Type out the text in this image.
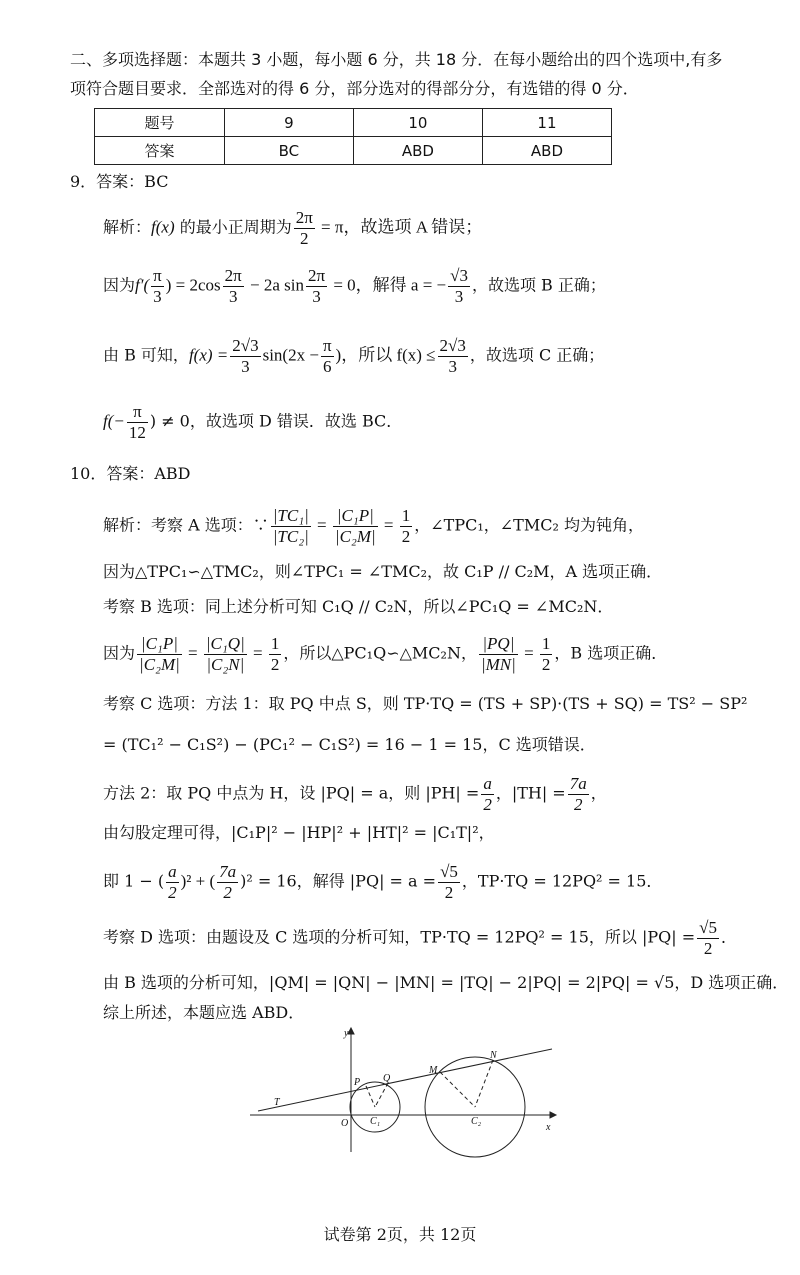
二、多项选择题：本题共 3 小题，每小题 6 分，共 18 分．在每小题给出的四个选项中,有多
项符合题目要求．全部选对的得 6 分，部分选对的得部分分，有选错的得 0 分．
题号	9	10	11
答案	BC	ABD	ABD
9．答案：BC
解析：f(x) 的最小正周期为 $\frac{2\pi}{2} = \pi$，故选项 A 错误；
因为$f'( \frac{\pi}{3}$ ) = $2\cos \frac{2\pi}{3} - 2a$ $\sin \frac{2\pi}{3} = 0$，解得 a = − $\frac{√3}{3}$ ，故选项 B 正确；
由 B 可知，$f(x) = \frac{2√3}{3} \sin(2x - \frac{\pi}{6}$ )，所以 $f(x) \le \frac{2√3}{3}$ ，故选项 C 正确；
$f(- \frac{\pi}{12}$ ) ≠ 0，故选项 D 错误．故选 BC．
10．答案：ABD
解析：考察 A 选项：∵ $\frac{\text{|TC₁|}}{\text{|TC₂|}} = \frac{\text{|C₁P|}}{\text{|C₂M|}} = \frac{1}{2}$ ，∠TPC₁，∠TMC₂ 均为钝角，
因为△TPC₁∽△TMC₂，则∠TPC₁ = ∠TMC₂，故 C₁P // C₂M，A 选项正确．
考察 B 选项：同上述分析可知 C₁Q // C₂N，所以∠PC₁Q = ∠MC₂N．
因为 $\frac{\text{|C₁P|}}{\text{|C₂M|}} = \frac{\text{|C₁Q|}}{\text{|C₂N|}} = \frac{1}{2}$ ，所以△PC₁Q∽△MC₂N， $\frac{|PQ|}{|MN|} = \frac{1}{2}$ ，B 选项正确．
考察 C 选项：方法 1：取 PQ 中点 S，则 TP·TQ = (TS + SP)·(TS + SQ) = TS² − SP²
= (TC₁² − C₁S²) − (PC₁² − C₁S²) = 16 − 1 = 15，C 选项错误．
方法 2：取 PQ 中点为 H，设 |PQ| = a，则 $|PH| = \frac{a}{2}$ ，$|TH| = \frac{7a}{2}$ ，
由勾股定理可得，|C₁P|² − |HP|² + |HT|² = |C₁T|²，
即 1 − ( $\frac{a}{2} )^2$ + ( $\frac{7a}{2} )^2 = 16$，解得 $|PQ| = a = \frac{√5}{2}$ ，TP·TQ = 12PQ² = 15．
考察 D 选项：由题设及 C 选项的分析可知，TP·TQ = 12PQ² = 15，所以 $|PQ| = \frac{√5}{2}$ ．
由 B 选项的分析可知，|QM| = |QN| − |MN| = |TQ| − 2|PQ| = 2|PQ| = √5，D 选项正确．
综上所述，本题应选 ABD．
y
x
T
O
P Q
M
N
C₁	C₂
试卷第 2页，共 12页
